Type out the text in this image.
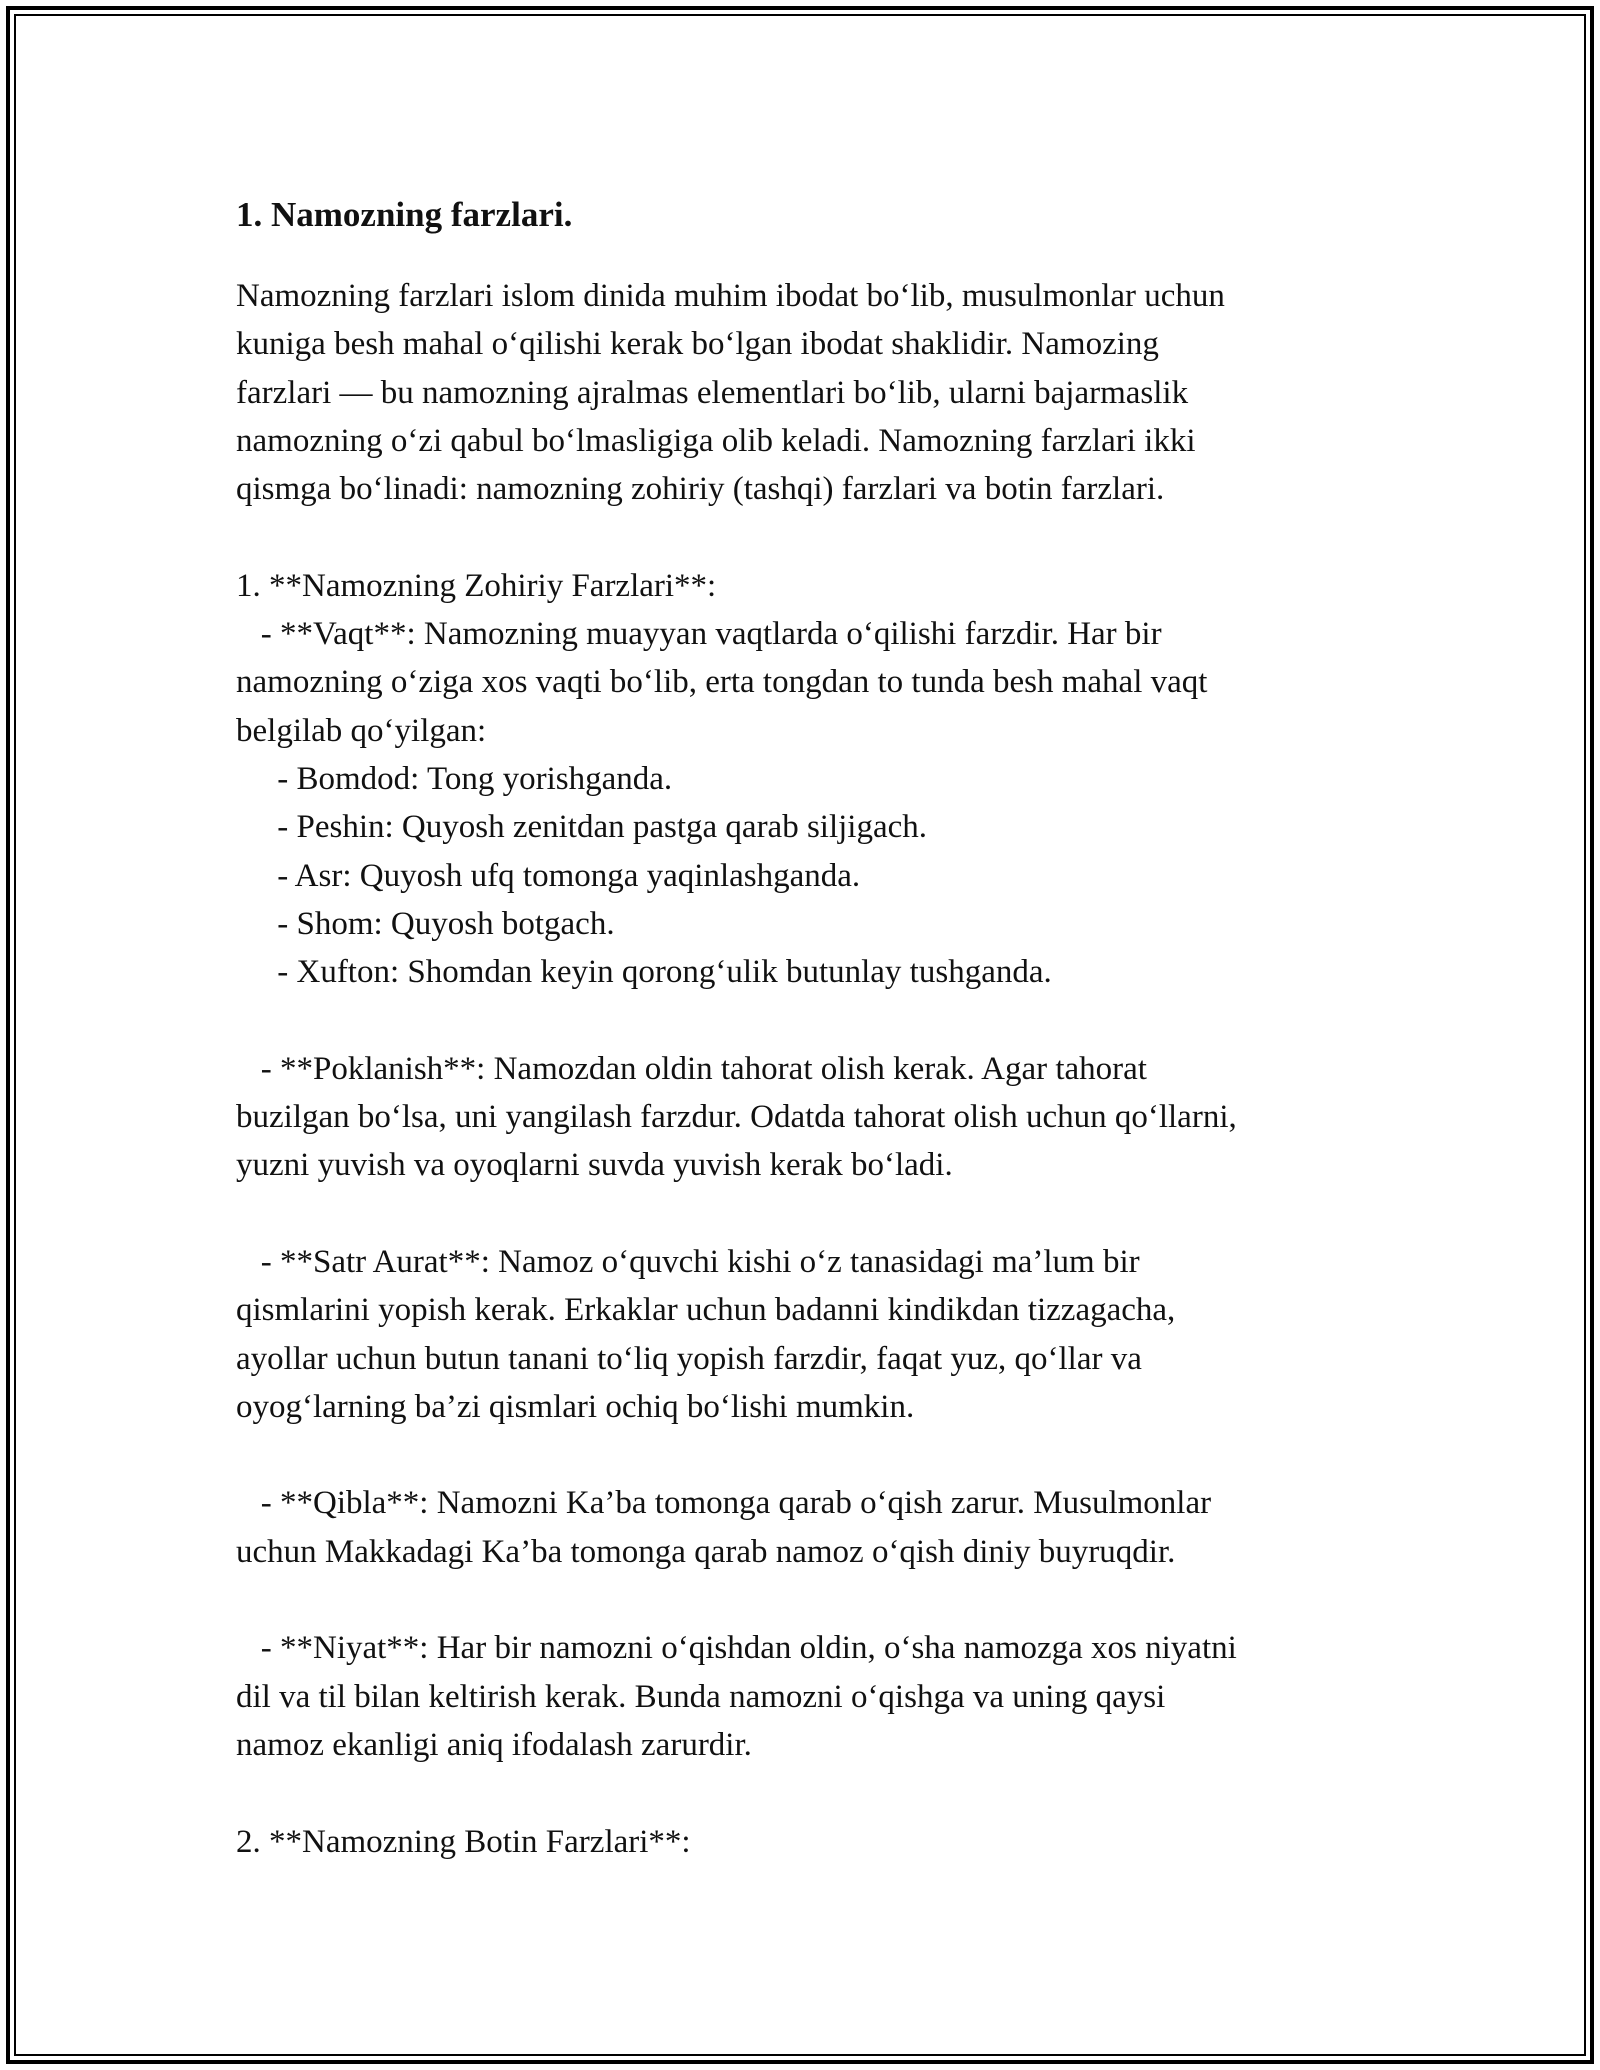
1. Namozning farzlari.
Namozning farzlari islom dinida muhim ibodat bo‘lib, musulmonlar uchun
kuniga besh mahal o‘qilishi kerak bo‘lgan ibodat shaklidir. Namozing
farzlari — bu namozning ajralmas elementlari bo‘lib, ularni bajarmaslik
namozning o‘zi qabul bo‘lmasligiga olib keladi. Namozning farzlari ikki
qismga bo‘linadi: namozning zohiriy (tashqi) farzlari va botin farzlari.
1. **Namozning Zohiriy Farzlari**:
- **Vaqt**: Namozning muayyan vaqtlarda o‘qilishi farzdir. Har bir
namozning o‘ziga xos vaqti bo‘lib, erta tongdan to tunda besh mahal vaqt
belgilab qo‘yilgan:
- Bomdod: Tong yorishganda.
- Peshin: Quyosh zenitdan pastga qarab siljigach.
- Asr: Quyosh ufq tomonga yaqinlashganda.
- Shom: Quyosh botgach.
- Xufton: Shomdan keyin qorong‘ulik butunlay tushganda.
- **Poklanish**: Namozdan oldin tahorat olish kerak. Agar tahorat
buzilgan bo‘lsa, uni yangilash farzdur. Odatda tahorat olish uchun qo‘llarni,
yuzni yuvish va oyoqlarni suvda yuvish kerak bo‘ladi.
- **Satr Aurat**: Namoz o‘quvchi kishi o‘z tanasidagi ma’lum bir
qismlarini yopish kerak. Erkaklar uchun badanni kindikdan tizzagacha,
ayollar uchun butun tanani to‘liq yopish farzdir, faqat yuz, qo‘llar va
oyog‘larning ba’zi qismlari ochiq bo‘lishi mumkin.
- **Qibla**: Namozni Ka’ba tomonga qarab o‘qish zarur. Musulmonlar
uchun Makkadagi Ka’ba tomonga qarab namoz o‘qish diniy buyruqdir.
- **Niyat**: Har bir namozni o‘qishdan oldin, o‘sha namozga xos niyatni
dil va til bilan keltirish kerak. Bunda namozni o‘qishga va uning qaysi
namoz ekanligi aniq ifodalash zarurdir.
2. **Namozning Botin Farzlari**:
